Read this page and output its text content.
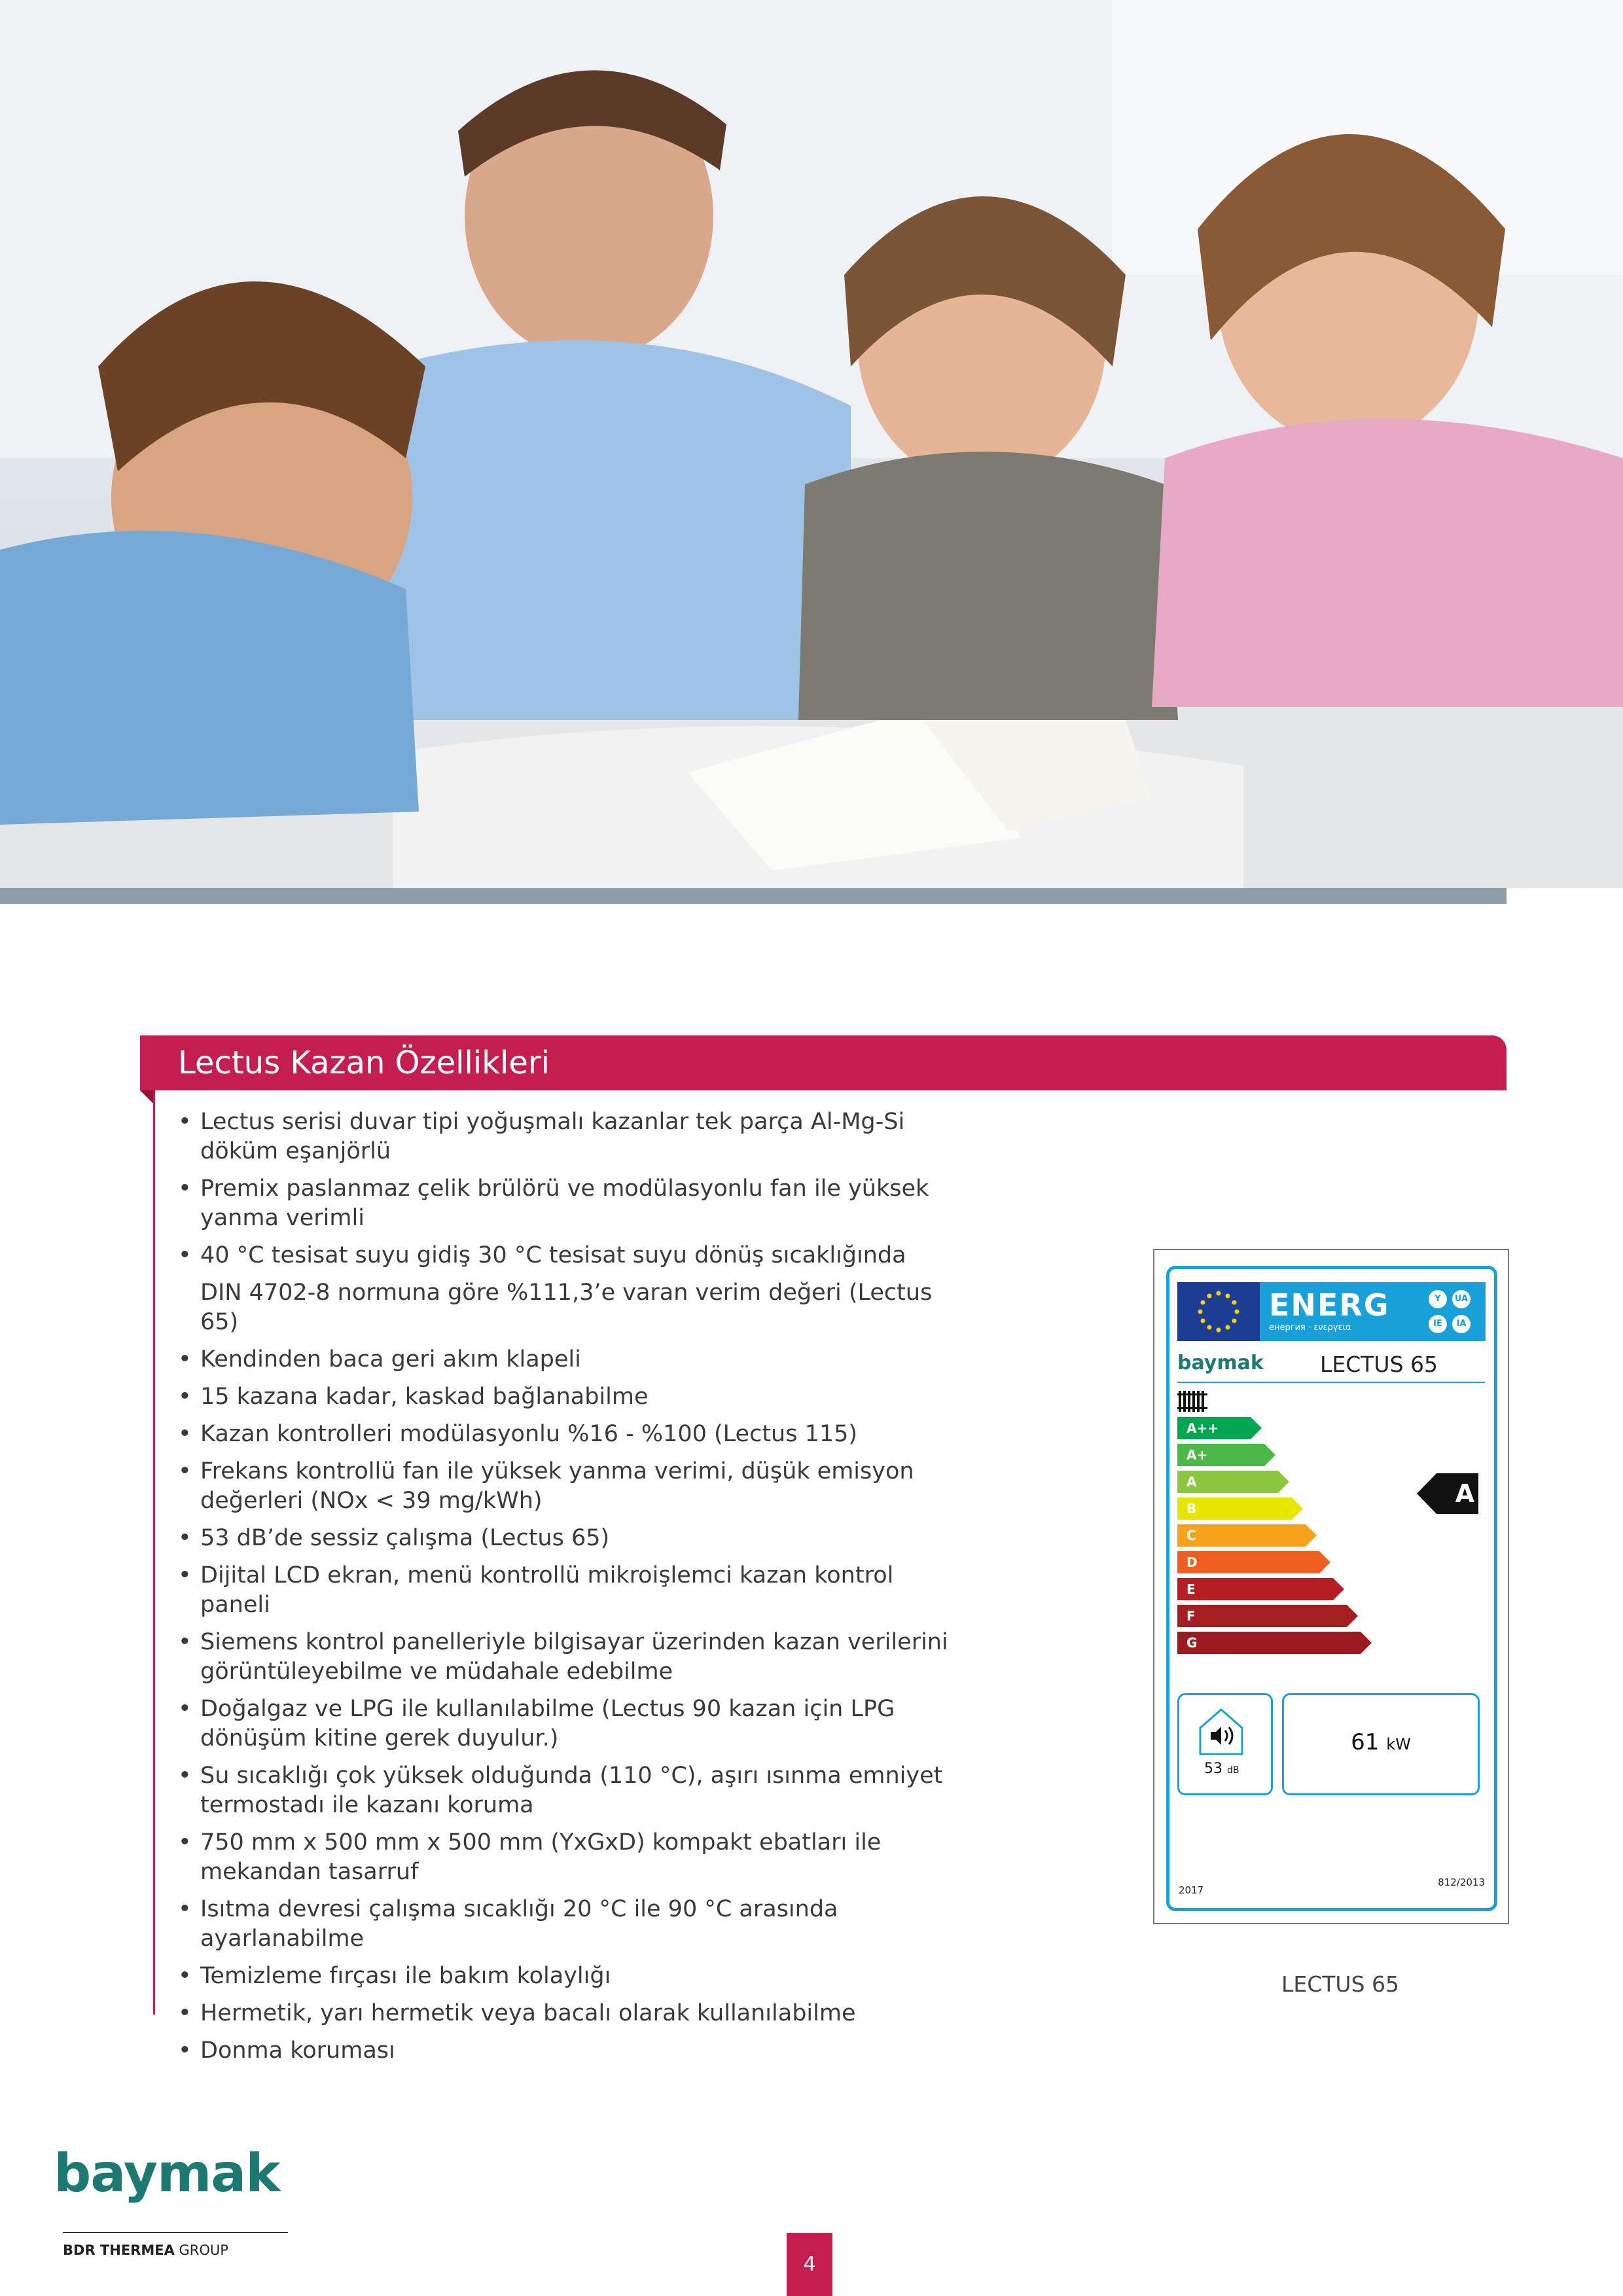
Lectus Kazan Özellikleri
• Lectus serisi duvar tipi yoğuşmalı kazanlar tek parça Al-Mg-Si döküm eşanjörlü
• Premix paslanmaz çelik brülörü ve modülasyonlu fan ile yüksek yanma verimli
• 40 °C tesisat suyu gidiş 30 °C tesisat suyu dönüş sıcaklığında
DIN 4702-8 normuna göre %111,3’e varan verim değeri (Lectus 65)
• Kendinden baca geri akım klapeli
• 15 kazana kadar, kaskad bağlanabilme
• Kazan kontrolleri modülasyonlu %16 - %100 (Lectus 115)
• Frekans kontrollü fan ile yüksek yanma verimi, düşük emisyon değerleri (NOx < 39 mg/kWh)
• 53 dB’de sessiz çalışma (Lectus 65)
• Dijital LCD ekran, menü kontrollü mikroişlemci kazan kontrol paneli
• Siemens kontrol panelleriyle bilgisayar üzerinden kazan verilerini görüntüleyebilme ve müdahale edebilme
• Doğalgaz ve LPG ile kullanılabilme (Lectus 90 kazan için LPG dönüşüm kitine gerek duyulur.)
• Su sıcaklığı çok yüksek olduğunda (110 °C), aşırı ısınma emniyet termostadı ile kazanı koruma
• 750 mm x 500 mm x 500 mm (YxGxD) kompakt ebatları ile mekandan tasarruf
• Isıtma devresi çalışma sıcaklığı 20 °C ile 90 °C arasında ayarlanabilme
• Temizleme fırçası ile bakım kolaylığı
• Hermetik, yarı hermetik veya bacalı olarak kullanılabilme
• Donma koruması
ENERG
енергия · ενεργεια
Y	UA
IE	IA
baymak	LECTUS 65
A++
A+
A
B
C
D
E
F
G
A
53 dB
61 kW
2017
812/2013
LECTUS 65
baymak
BDR THERMEA GROUP
4
